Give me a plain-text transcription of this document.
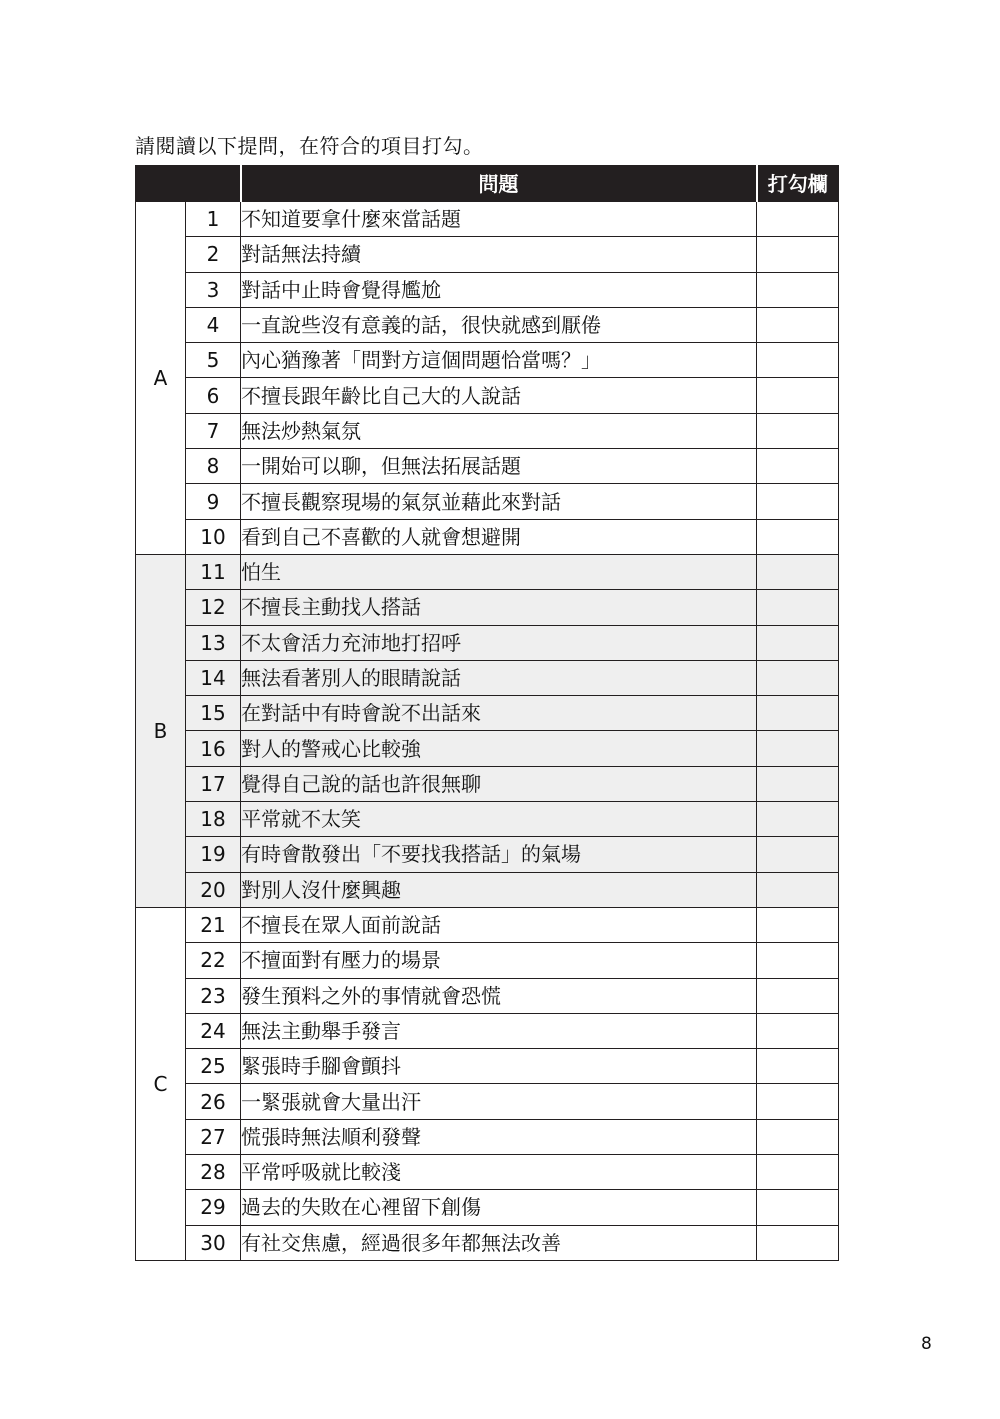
請閱讀以下提問，在符合的項目打勾。
		問題	打勾欄
A	1	不知道要拿什麼來當話題	
	2	對話無法持續	
	3	對話中止時會覺得尷尬	
	4	一直說些沒有意義的話，很快就感到厭倦	
	5	內心猶豫著「問對方這個問題恰當嗎？」	
	6	不擅長跟年齡比自己大的人說話	
	7	無法炒熱氣氛	
	8	一開始可以聊，但無法拓展話題	
	9	不擅長觀察現場的氣氛並藉此來對話	
	10	看到自己不喜歡的人就會想避開	
B	11	怕生	
	12	不擅長主動找人搭話	
	13	不太會活力充沛地打招呼	
	14	無法看著別人的眼睛說話	
	15	在對話中有時會說不出話來	
	16	對人的警戒心比較強	
	17	覺得自己說的話也許很無聊	
	18	平常就不太笑	
	19	有時會散發出「不要找我搭話」的氣場	
	20	對別人沒什麼興趣	
C	21	不擅長在眾人面前說話	
	22	不擅面對有壓力的場景	
	23	發生預料之外的事情就會恐慌	
	24	無法主動舉手發言	
	25	緊張時手腳會顫抖	
	26	一緊張就會大量出汗	
	27	慌張時無法順利發聲	
	28	平常呼吸就比較淺	
	29	過去的失敗在心裡留下創傷	
	30	有社交焦慮，經過很多年都無法改善	
8
